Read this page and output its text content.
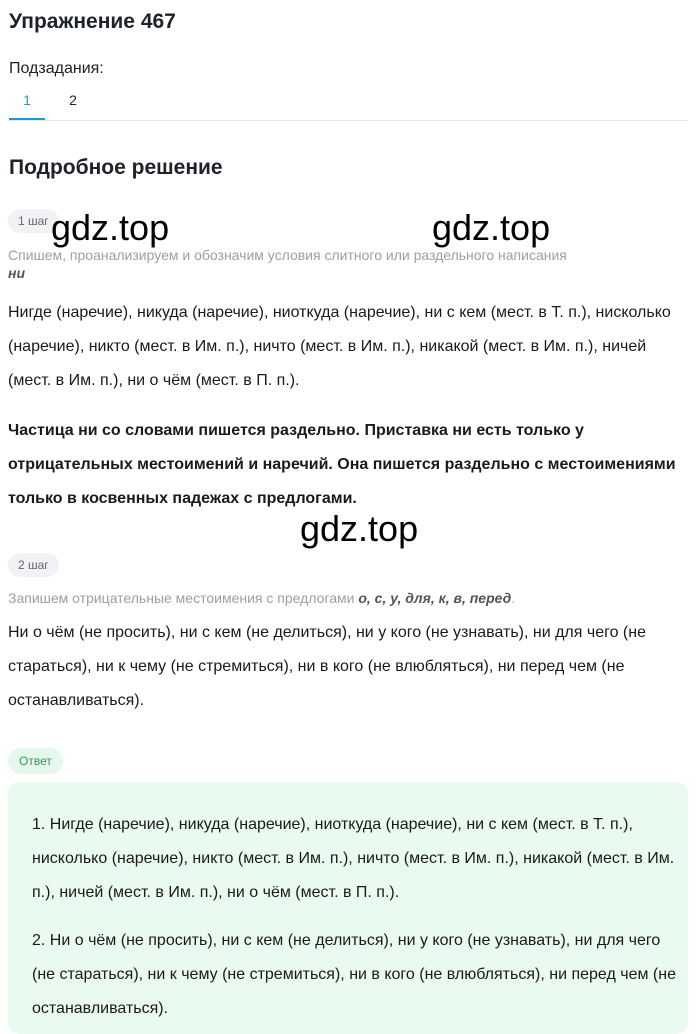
Упражнение 467
Подзадания:
1	2
Подробное решение
1 шаг
Спишем, проанализируем и обозначим условия слитного или раздельного написания
ни
Нигде (наречие), никуда (наречие), ниоткуда (наречие), ни с кем (мест. в Т. п.), нисколько (наречие), никто (мест. в Им. п.), ничто (мест. в Им. п.), никакой (мест. в Им. п.), ничей (мест. в Им. п.), ни о чём (мест. в П. п.).
Частица ни со словами пишется раздельно. Приставка ни есть только у отрицательных местоимений и наречий. Она пишется раздельно с местоимениями только в косвенных падежах с предлогами.
2 шаг
Запишем отрицательные местоимения с предлогами о, с, у, для, к, в, перед.
Ни о чём (не просить), ни с кем (не делиться), ни у кого (не узнавать), ни для чего (не стараться), ни к чему (не стремиться), ни в кого (не влюбляться), ни перед чем (не останавливаться).
Ответ
1. Нигде (наречие), никуда (наречие), ниоткуда (наречие), ни с кем (мест. в Т. п.), нисколько (наречие), никто (мест. в Им. п.), ничто (мест. в Им. п.), никакой (мест. в Им. п.), ничей (мест. в Им. п.), ни о чём (мест. в П. п.).
2. Ни о чём (не просить), ни с кем (не делиться), ни у кого (не узнавать), ни для чего (не стараться), ни к чему (не стремиться), ни в кого (не влюбляться), ни перед чем (не останавливаться).
gdz.top	gdz.top
gdz.top
